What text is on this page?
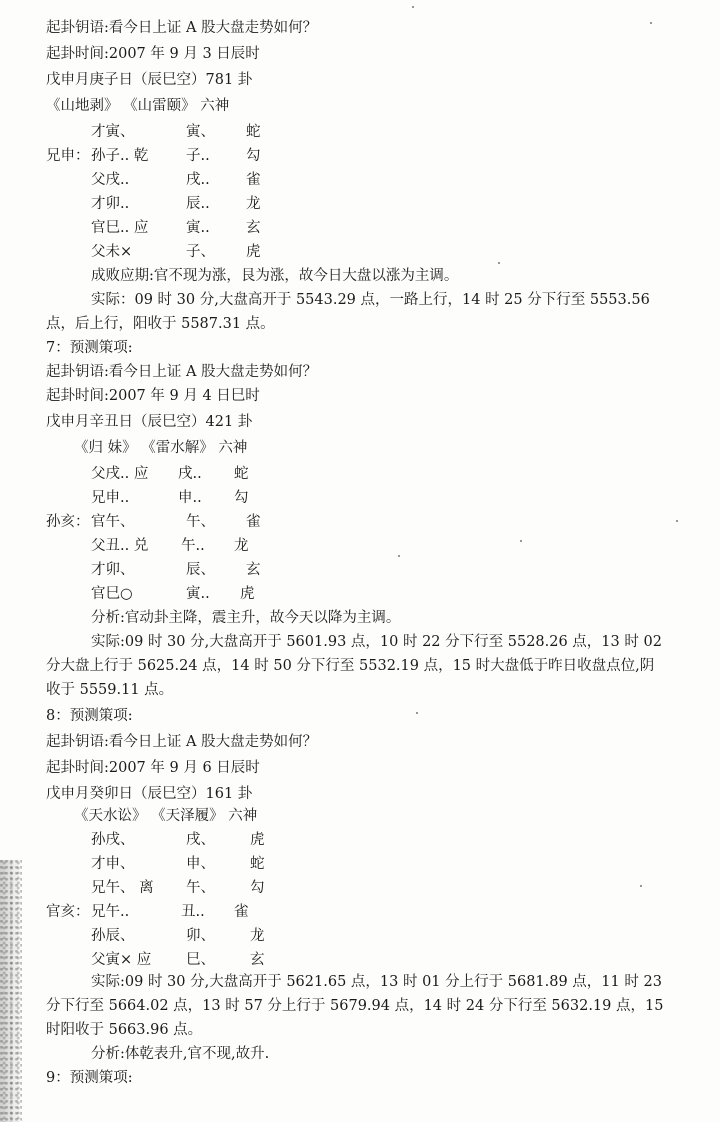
起卦钥语:看今日上证 A 股大盘走势如何？
起卦时间:2007 年 9 月 3 日辰时
戊申月庚子日（辰巳空）781 卦
《山地剥》 《山雷颐》 六神
才寅、	寅、 蛇
兄申： 孙子.. 乾	子..	勾
父戌..	戌..	雀
才卯..	辰..	龙
官巳.. 应	寅..	玄
父未×	子、 虎
成败应期:官不现为涨，艮为涨，故今日大盘以涨为主调。
实际：09 时 30 分,大盘高开于 5543.29 点，一路上行，14 时 25 分下行至 5553.56 点，后上行，阳收于 5587.31 点。
7：预测策项:
起卦钥语:看今日上证 A 股大盘走势如何？
起卦时间:2007 年 9 月 4 日巳时
戊申月辛丑日（辰巳空）421 卦
《归 妹》 《雷水解》 六神
父戌.. 应 戌.. 蛇
兄申..	申.. 勾
孙亥： 官午、	午、 雀
父丑.. 兑 午.. 龙
才卯、	辰、 玄
官巳○	寅.. 虎
分析:官动卦主降，震主升，故今天以降为主调。
实际:09 时 30 分,大盘高开于 5601.93 点，10 时 22 分下行至 5528.26 点，13 时 02 分大盘上行于 5625.24 点，14 时 50 分下行至 5532.19 点，15 时大盘低于昨日收盘点位,阴收于 5559.11 点。
8：预测策项:
起卦钥语:看今日上证 A 股大盘走势如何？
起卦时间:2007 年 9 月 6 日辰时
戊申月癸卯日（辰巳空）161 卦
《天水讼》 《天泽履》 六神
孙戌、	戌、 虎
才申、	申、 蛇
兄午、 离 午、 勾
官亥： 兄午..	丑.. 雀
孙辰、	卯、 龙
父寅× 应 巳、 玄
实际:09 时 30 分,大盘高开于 5621.65 点，13 时 01 分上行于 5681.89 点，11 时 23 分下行至 5664.02 点，13 时 57 分上行于 5679.94 点，14 时 24 分下行至 5632.19 点，15 时阳收于 5663.96 点。
分析:体乾表升,官不现,故升.
9：预测策项:
